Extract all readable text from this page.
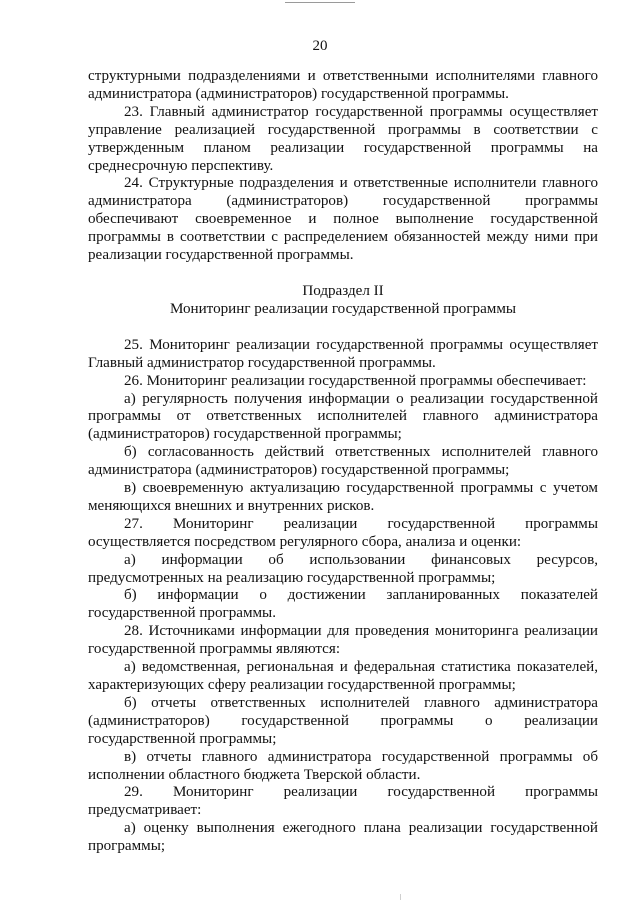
20

структурными подразделениями и ответственными исполнителями главного

администратора (администраторов) государственной программы.

23. Главный администратор государственной программы осуществляет

управление реализацией государственной программы в соответствии с

утвержденным планом реализации государственной программы на

среднесрочную перспективу.

24. Структурные подразделения и ответственные исполнители главного

администратора (администраторов) государственной программы

обеспечивают своевременное и полное выполнение государственной

программы в соответствии с распределением обязанностей между ними при

реализации государственной программы.

Подраздел II

Мониторинг реализации государственной программы

25. Мониторинг реализации государственной программы осуществляет

Главный администратор государственной программы.

26. Мониторинг реализации государственной программы обеспечивает:

а) регулярность получения информации о реализации государственной

программы от ответственных исполнителей главного администратора

(администраторов) государственной программы;

б) согласованность действий ответственных исполнителей главного

администратора (администраторов) государственной программы;

в) своевременную актуализацию государственной программы с учетом

меняющихся внешних и внутренних рисков.

27. Мониторинг реализации государственной программы

осуществляется посредством регулярного сбора, анализа и оценки:

а) информации об использовании финансовых ресурсов,

предусмотренных на реализацию государственной программы;

б) информации о достижении запланированных показателей

государственной программы.

28. Источниками информации для проведения мониторинга реализации

государственной программы являются:

а) ведомственная, региональная и федеральная статистика показателей,

характеризующих сферу реализации государственной программы;

б) отчеты ответственных исполнителей главного администратора

(администраторов) государственной программы о реализации

государственной программы;

в) отчеты главного администратора государственной программы об

исполнении областного бюджета Тверской области.

29. Мониторинг реализации государственной программы

предусматривает:

а) оценку выполнения ежегодного плана реализации государственной

программы;
